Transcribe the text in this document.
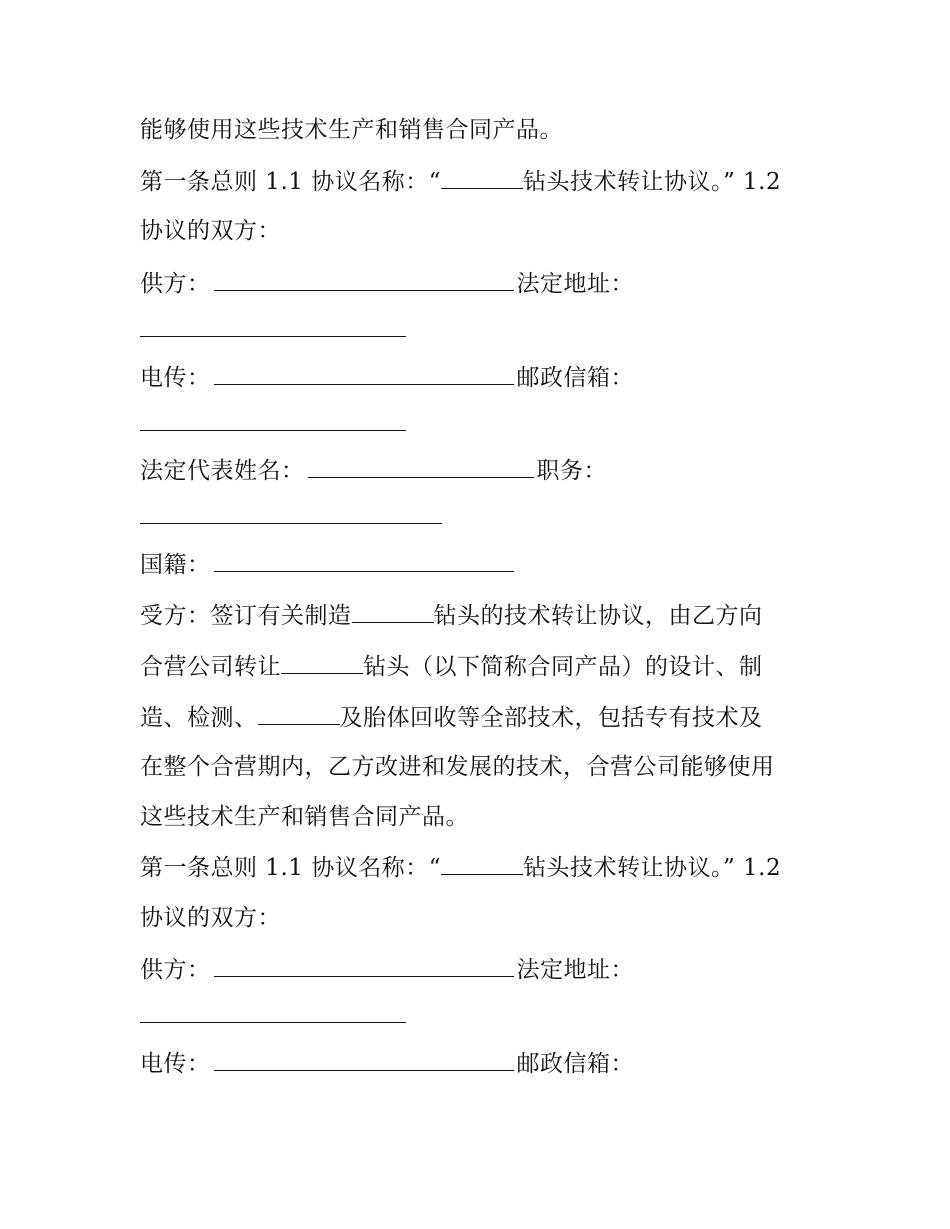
能够使用这些技术生产和销售合同产品。
第一条总则 1.1 协议名称：“	钻头技术转让协议。” 1.2
协议的双方：
供方：	法定地址：
电传：	邮政信箱：
法定代表姓名：	职务：
国籍：
受方：签订有关制造	钻头的技术转让协议，由乙方向
合营公司转让	钻头（以下简称合同产品）的设计、制
造、检测、	及胎体回收等全部技术，包括专有技术及
在整个合营期内，乙方改进和发展的技术，合营公司能够使用
这些技术生产和销售合同产品。
第一条总则 1.1 协议名称：“	钻头技术转让协议。” 1.2
协议的双方：
供方：	法定地址：
电传：	邮政信箱：
